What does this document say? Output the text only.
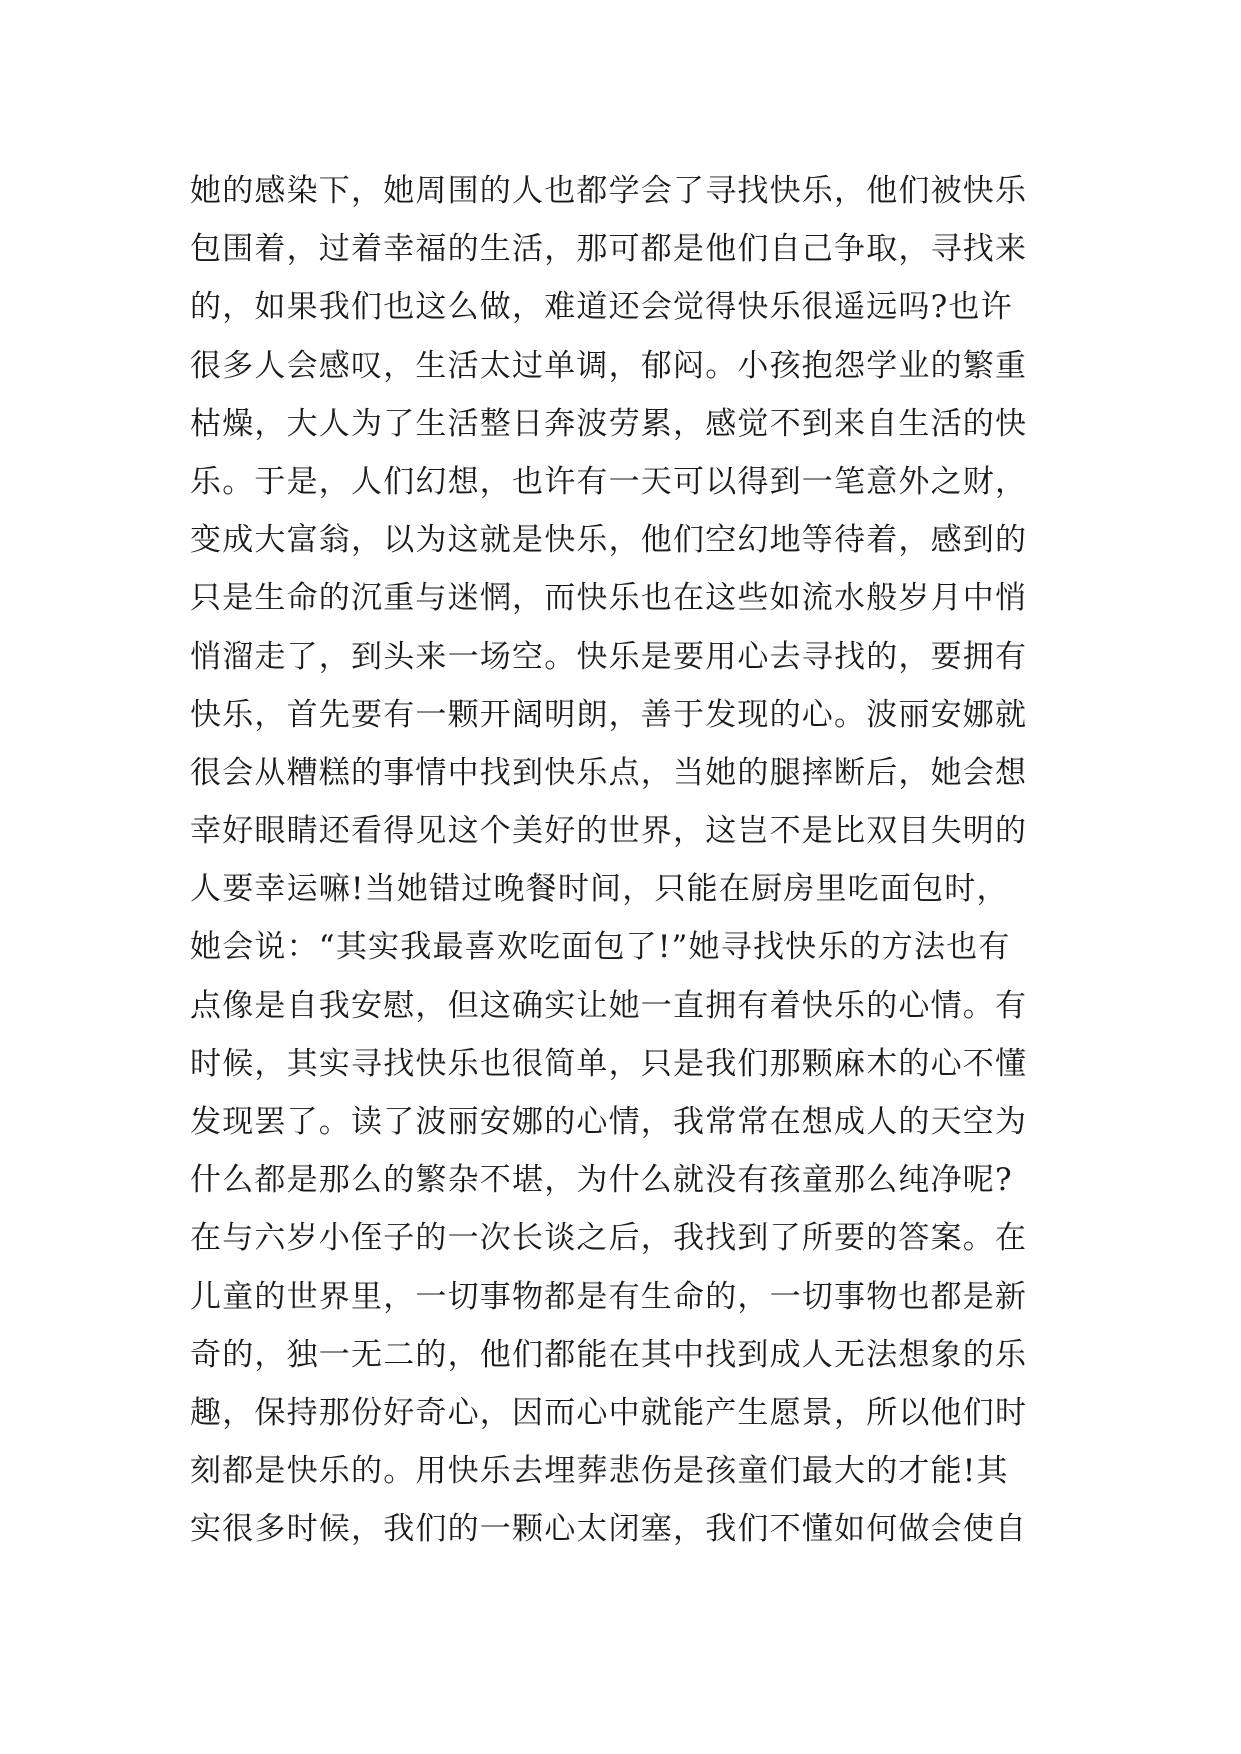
她的感染下，她周围的人也都学会了寻找快乐，他们被快乐
包围着，过着幸福的生活，那可都是他们自己争取，寻找来
的，如果我们也这么做，难道还会觉得快乐很遥远吗?也许
很多人会感叹，生活太过单调，郁闷。小孩抱怨学业的繁重
枯燥，大人为了生活整日奔波劳累，感觉不到来自生活的快
乐。于是，人们幻想，也许有一天可以得到一笔意外之财，
变成大富翁，以为这就是快乐，他们空幻地等待着，感到的
只是生命的沉重与迷惘，而快乐也在这些如流水般岁月中悄
悄溜走了，到头来一场空。快乐是要用心去寻找的，要拥有
快乐，首先要有一颗开阔明朗，善于发现的心。波丽安娜就
很会从糟糕的事情中找到快乐点，当她的腿摔断后，她会想
幸好眼睛还看得见这个美好的世界，这岂不是比双目失明的
人要幸运嘛!当她错过晚餐时间，只能在厨房里吃面包时，
她会说：“其实我最喜欢吃面包了!”她寻找快乐的方法也有
点像是自我安慰，但这确实让她一直拥有着快乐的心情。有
时候，其实寻找快乐也很简单，只是我们那颗麻木的心不懂
发现罢了。读了波丽安娜的心情，我常常在想成人的天空为
什么都是那么的繁杂不堪，为什么就没有孩童那么纯净呢?
在与六岁小侄子的一次长谈之后，我找到了所要的答案。在
儿童的世界里，一切事物都是有生命的，一切事物也都是新
奇的，独一无二的，他们都能在其中找到成人无法想象的乐
趣，保持那份好奇心，因而心中就能产生愿景，所以他们时
刻都是快乐的。用快乐去埋葬悲伤是孩童们最大的才能!其
实很多时候，我们的一颗心太闭塞，我们不懂如何做会使自
